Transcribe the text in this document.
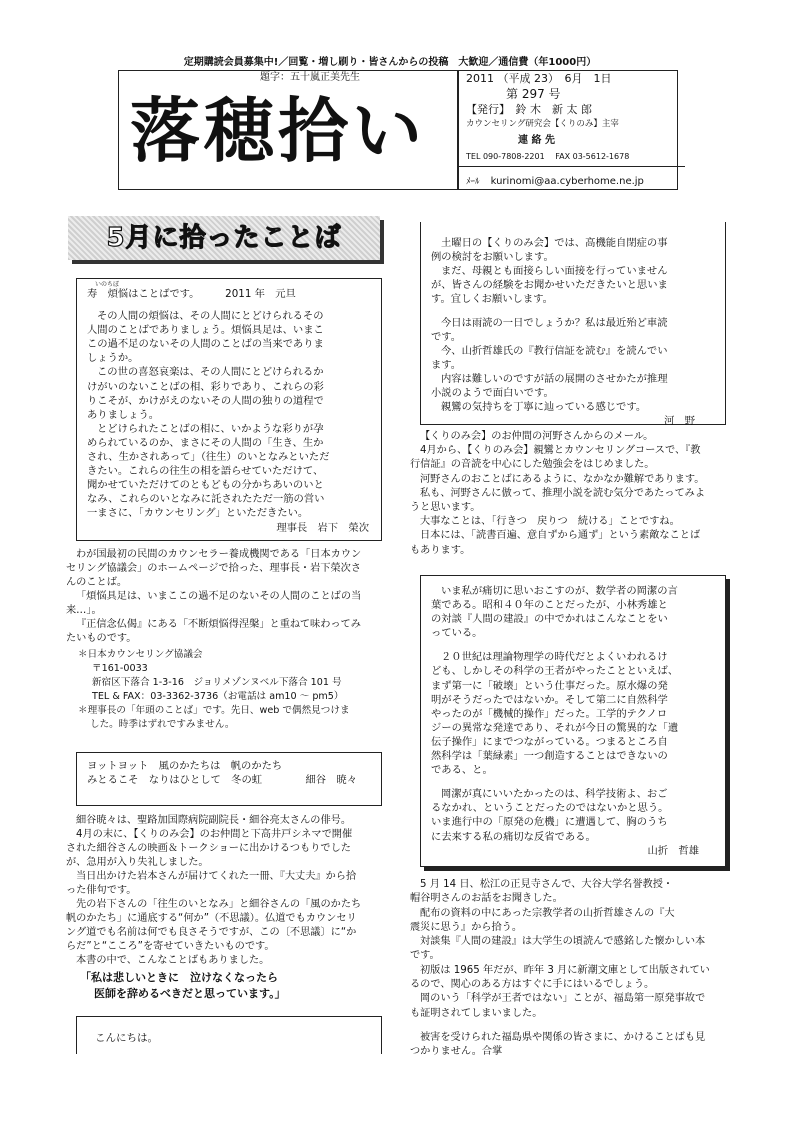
定期購読会員募集中!／回覧・増し刷り・皆さんからの投稿　大歓迎／通信費（年1000円）
題字：五十嵐正美先生
落穂拾い
2011 （平成 23）　6月　1日
第 297 号
【発行】　鈴 木　新 太 郎
カウンセリング研究会【くりのみ】主宰
連 絡 先
TEL 090-7808-2201　 FAX 03-5612-1678
ﾒｰﾙ kurinomi@aa.cyberhome.ne.jp
5月に拾ったことば
いのちぼ
寿　煩悩はことばです。　　　2011 年　元旦
その人間の煩悩は、その人間にとどけられるその
人間のことばでありましょう。煩悩具足は、いまこ
この過不足のないその人間のことばの当来でありま
しょうか。
この世の喜怒哀楽は、その人間にとどけられるか
けがいのないことばの相、彩りであり、これらの彩
りこそが、かけがえのないその人間の独りの道程で
ありましょう。
とどけられたことばの相に、いかような彩りが孕
められているのか、まさにその人間の「生き、生か
され、生かされあって」（往生）のいとなみといただ
きたい。これらの往生の相を語らせていただけて、
聞かせていただけてのともどもの分かちあいのいと
なみ、これらのいとなみに託されたただ一筋の営い
一まさに、「カウンセリング」といただきたい。
理事長　岩下　榮次
わが国最初の民間のカウンセラー養成機関である「日本カウン
セリング協議会」のホームページで拾った、理事長・岩下榮次さ
んのことば。
「煩悩具足は、いまここの過不足のないその人間のことばの当
来…」。
『正信念仏偈』にある「不断煩悩得涅槃」と重ねて味わってみ
たいものです。
＊日本カウンセリング協議会
〒161-0033
新宿区下落合 1-3-16　ジョリメゾンヌベル下落合 101 号
TEL & FAX：03-3362-3736（お電話は am10 ～ pm5）
＊理事長の「年頭のことば」です。先日、web で偶然見つけま
した。時季はずれですみません。
ヨットヨット　風のかたちは　帆のかたち
みとるこそ　なりはひとして　冬の虹	細谷　暁々
細谷暁々は、聖路加国際病院副院長・細谷亮太さんの俳号。
4月の末に、【くりのみ会】のお仲間と下高井戸シネマで開催
された細谷さんの映画＆トークショーに出かけるつもりでした
が、急用が入り失礼しました。
当日出かけた岩本さんが届けてくれた一冊、『大丈夫』から拾
った俳句です。
先の岩下さんの「往生のいとなみ」と細谷さんの「風のかたち
帆のかたち」に通底する“何か”（不思議）。仏道でもカウンセリ
ング道でも名前は何でも良さそうですが、この〔不思議〕に“か
らだ”と“こころ”を寄せていきたいものです。
本書の中で、こんなことばもありました。
「私は悲しいときに　泣けなくなったら
医師を辞めるべきだと思っています。」
こんにちは。
土曜日の【くりのみ会】では、高機能自閉症の事
例の検討をお願いします。
まだ、母親とも面接らしい面接を行っていません
が、皆さんの経験をお聞かせいただきたいと思いま
す。宜しくお願いします。
今日は雨読の一日でしょうか？私は最近殆ど車読
です。
今、山折哲雄氏の『教行信証を読む』を読んでい
ます。
内容は難しいのですが話の展開のさせかたが推理
小説のようで面白いです。
親鸞の気持ちを丁寧に辿っている感じです。
河　野
【くりのみ会】のお仲間の河野さんからのメール。
4月から、【くりのみ会】親鸞とカウンセリングコースで、『教
行信証』の音読を中心にした勉強会をはじめました。
河野さんのおことばにあるように、なかなか難解であります。
私も、河野さんに倣って、推理小説を読む気分であたってみよ
うと思います。
大事なことは、「行きつ　戻りつ　続ける」ことですね。
日本には、「読書百遍、意自ずから通ず」という素敵なことば
もあります。
いま私が痛切に思いおこすのが、数学者の岡潔の言
葉である。昭和４０年のことだったが、小林秀雄と
の対談『人間の建設』の中でかれはこんなことをい
っている。
２０世紀は理論物理学の時代だとよくいわれるけ
ども、しかしその科学の王者がやったことといえば、
まず第一に「破壊」という仕事だった。原水爆の発
明がそうだったではないか。そして第二に自然科学
やったのが「機械的操作」だった。工学的テクノロ
ジーの異常な発達であり、それが今日の驚異的な「遺
伝子操作」にまでつながっている。つまるところ自
然科学は「葉緑素」一つ創造することはできないの
である、と。
岡潔が真にいいたかったのは、科学技術よ、おご
るなかれ、ということだったのではないかと思う。
いま進行中の「原発の危機」に遭遇して、胸のうち
に去来する私の痛切な反省である。
山折　哲雄
5 月 14 日、松江の正見寺さんで、大谷大学名誉教授・
帽谷明さんのお話をお聞きした。
配布の資料の中にあった宗教学者の山折哲雄さんの『大
震災に思う』から拾う。
対談集『人間の建設』は大学生の頃読んで感銘した懐かしい本
です。
初版は 1965 年だが、昨年 3 月に新潮文庫として出版されてい
るので、関心のある方はすぐに手にはいるでしょう。
岡のいう「科学が王者ではない」ことが、福島第一原発事故で
も証明されてしまいました。
被害を受けられた福島県や関係の皆さまに、かけることばも見
つかりません。合掌
